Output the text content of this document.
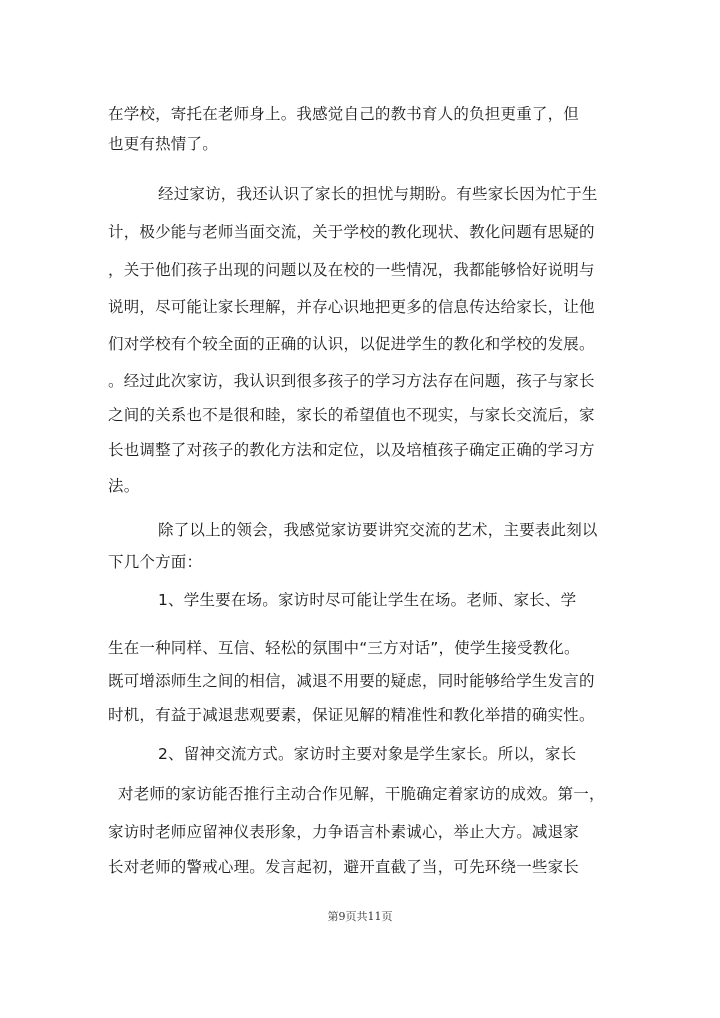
在学校，寄托在老师身上。我感觉自己的教书育人的负担更重了，但
也更有热情了。
经过家访，我还认识了家长的担忧与期盼。有些家长因为忙于生
计，极少能与老师当面交流，关于学校的教化现状、教化问题有思疑的
，关于他们孩子出现的问题以及在校的一些情况，我都能够恰好说明与
说明，尽可能让家长理解，并存心识地把更多的信息传达给家长，让他
们对学校有个较全面的正确的认识，以促进学生的教化和学校的发展。
。经过此次家访，我认识到很多孩子的学习方法存在问题，孩子与家长
之间的关系也不是很和睦，家长的希望值也不现实，与家长交流后，家
长也调整了对孩子的教化方法和定位，以及培植孩子确定正确的学习方
法。
除了以上的领会，我感觉家访要讲究交流的艺术，主要表此刻以
下几个方面：
1、学生要在场。家访时尽可能让学生在场。老师、家长、学
生在一种同样、互信、轻松的氛围中“三方对话”，使学生接受教化。
既可增添师生之间的相信，减退不用要的疑虑，同时能够给学生发言的
时机，有益于减退悲观要素，保证见解的精准性和教化举措的确实性。
2、留神交流方式。家访时主要对象是学生家长。所以，家长
对老师的家访能否推行主动合作见解，干脆确定着家访的成效。第一，
家访时老师应留神仪表形象，力争语言朴素诚心，举止大方。减退家
长对老师的警戒心理。发言起初，避开直截了当，可先环绕一些家长
第9页共11页
